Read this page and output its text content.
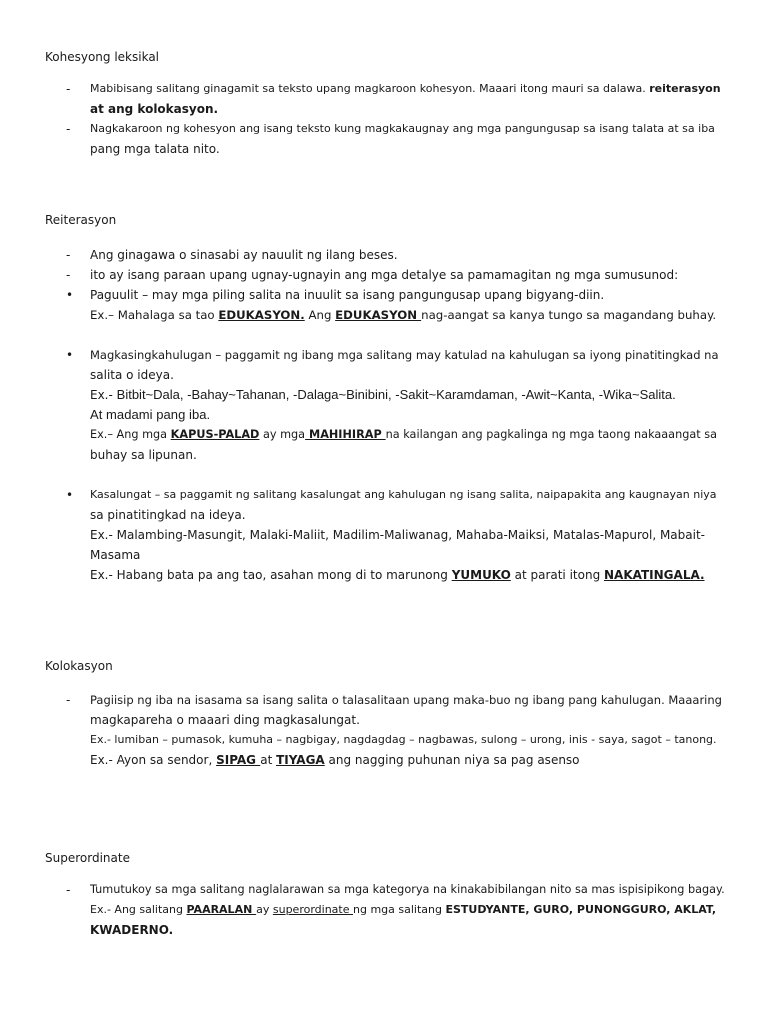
Kohesyong leksikal
-	Mabibisang salitang ginagamit sa teksto upang magkaroon kohesyon. Maaari itong mauri sa dalawa. reiterasyon
at ang kolokasyon.
-	Nagkakaroon ng kohesyon ang isang teksto kung magkakaugnay ang mga pangungusap sa isang talata at sa iba
pang mga talata nito.
Reiterasyon
-	Ang ginagawa o sinasabi ay nauulit ng ilang beses.
-	ito ay isang paraan upang ugnay-ugnayin ang mga detalye sa pamamagitan ng mga sumusunod:
•	Paguulit – may mga piling salita na inuulit sa isang pangungusap upang bigyang-diin.
Ex.– Mahalaga sa tao EDUKASYON. Ang EDUKASYON nag-aangat sa kanya tungo sa magandang buhay.
•	Magkasingkahulugan – paggamit ng ibang mga salitang may katulad na kahulugan sa iyong pinatitingkad na
salita o ideya.
Ex.- Bitbit~Dala, -Bahay~Tahanan, -Dalaga~Binibini, -Sakit~Karamdaman, -Awit~Kanta, -Wika~Salita.
At madami pang iba.
Ex.– Ang mga KAPUS-PALAD ay mga MAHIHIRAP na kailangan ang pagkalinga ng mga taong nakaaangat sa
buhay sa lipunan.
•	Kasalungat – sa paggamit ng salitang kasalungat ang kahulugan ng isang salita, naipapakita ang kaugnayan niya
sa pinatitingkad na ideya.
Ex.- Malambing-Masungit, Malaki-Maliit, Madilim-Maliwanag, Mahaba-Maiksi, Matalas-Mapurol, Mabait-
Masama
Ex.- Habang bata pa ang tao, asahan mong di to marunong YUMUKO at parati itong NAKATINGALA.
Kolokasyon
-	Pagiisip ng iba na isasama sa isang salita o talasalitaan upang maka-buo ng ibang pang kahulugan. Maaaring
magkapareha o maaari ding magkasalungat.
Ex.- lumiban – pumasok, kumuha – nagbigay, nagdagdag – nagbawas, sulong – urong, inis - saya, sagot – tanong.
Ex.- Ayon sa sendor, SIPAG at TIYAGA ang nagging puhunan niya sa pag asenso
Superordinate
-	Tumutukoy sa mga salitang naglalarawan sa mga kategorya na kinakabibilangan nito sa mas ispisipikong bagay.
Ex.- Ang salitang PAARALAN ay superordinate ng mga salitang ESTUDYANTE, GURO, PUNONGGURO, AKLAT,
KWADERNO.
